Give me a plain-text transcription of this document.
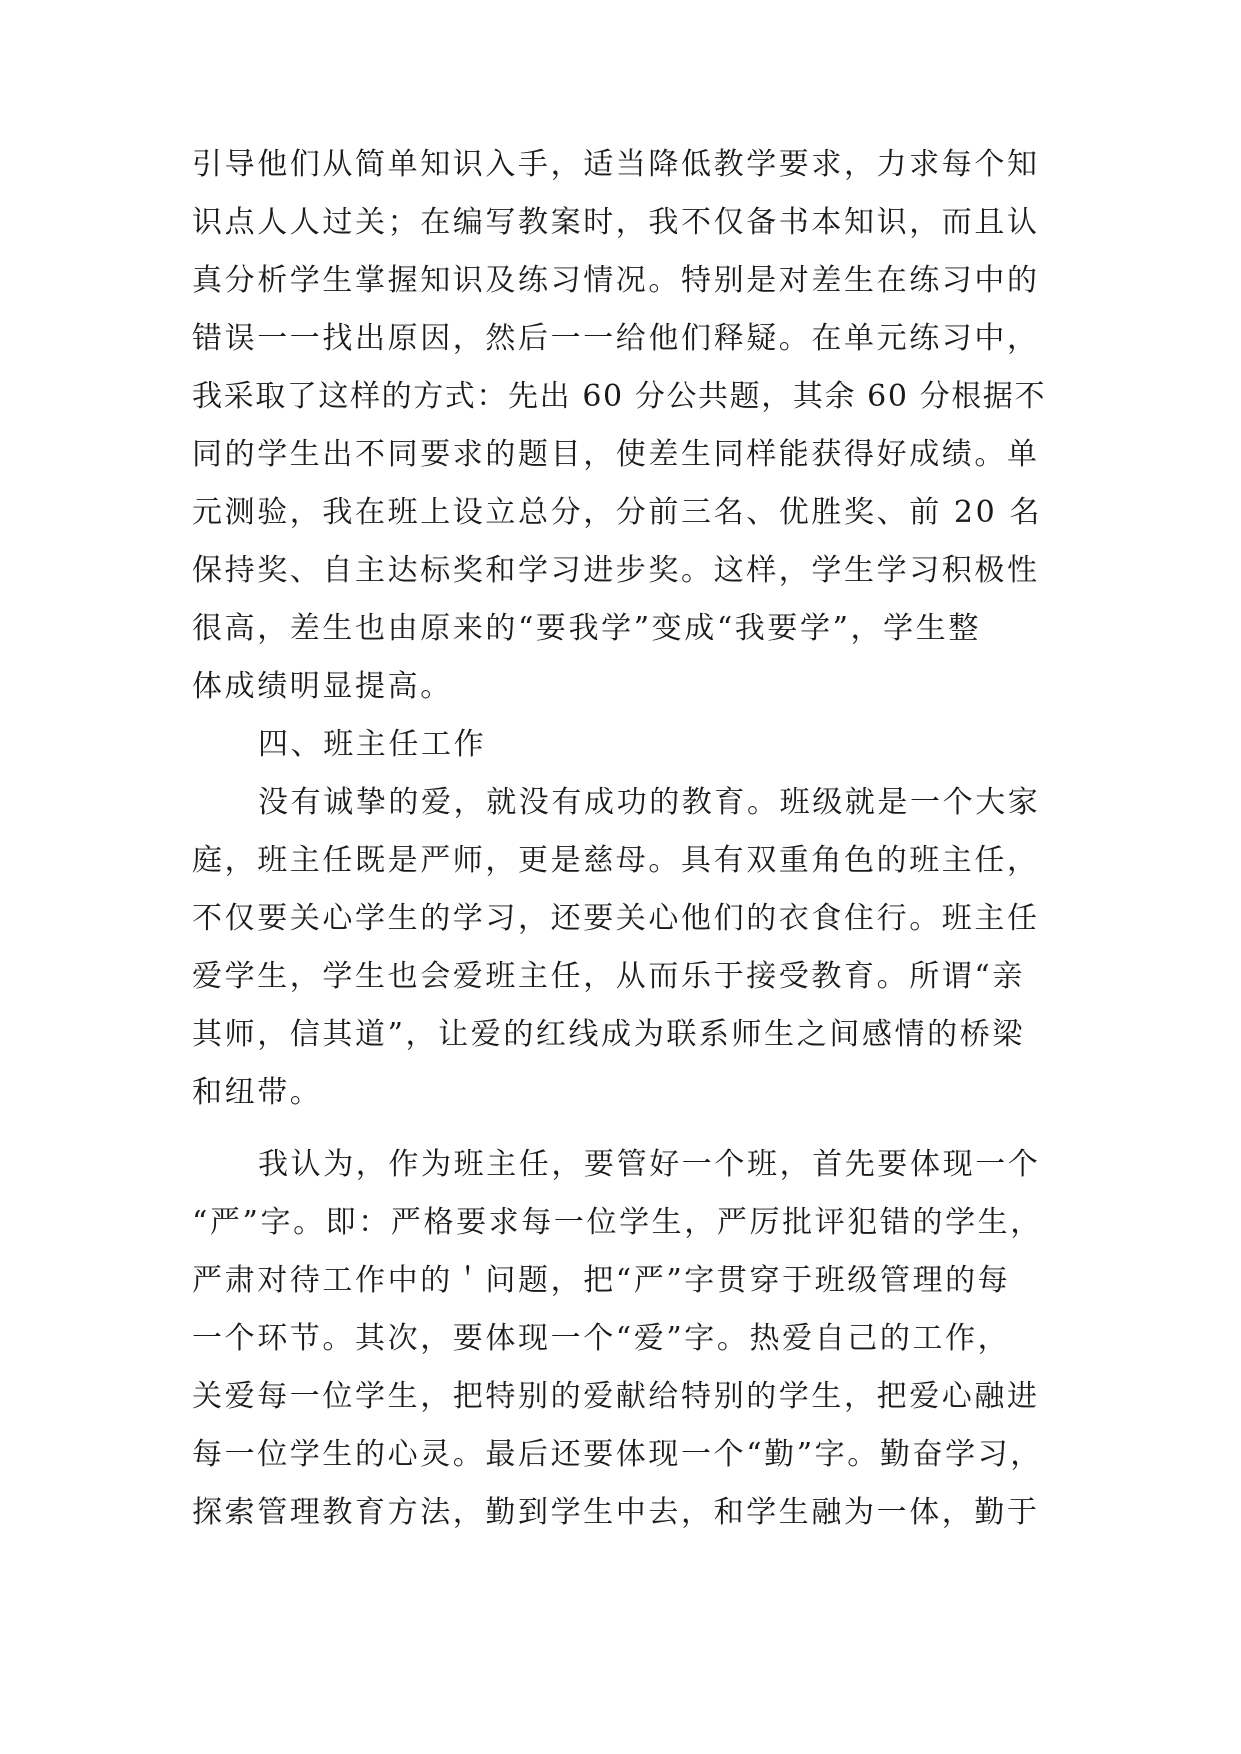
引导他们从简单知识入手，适当降低教学要求，力求每个知

识点人人过关；在编写教案时，我不仅备书本知识，而且认

真分析学生掌握知识及练习情况。特别是对差生在练习中的

错误一一找出原因，然后一一给他们释疑。在单元练习中，

我采取了这样的方式：先出 60 分公共题，其余 60 分根据不

同的学生出不同要求的题目，使差生同样能获得好成绩。单

元测验，我在班上设立总分，分前三名、优胜奖、前 20 名

保持奖、自主达标奖和学习进步奖。这样，学生学习积极性

很高，差生也由原来的“要我学”变成“我要学”，学生整

体成绩明显提高。

四、班主任工作

没有诚挚的爱，就没有成功的教育。班级就是一个大家

庭，班主任既是严师，更是慈母。具有双重角色的班主任，

不仅要关心学生的学习，还要关心他们的衣食住行。班主任

爱学生，学生也会爱班主任，从而乐于接受教育。所谓“亲

其师，信其道”，让爱的红线成为联系师生之间感情的桥梁

和纽带。

我认为，作为班主任，要管好一个班，首先要体现一个

“严”字。即：严格要求每一位学生，严厉批评犯错的学生，

严肃对待工作中的＇问题，把“严”字贯穿于班级管理的每

一个环节。其次，要体现一个“爱”字。热爱自己的工作，

关爱每一位学生，把特别的爱献给特别的学生，把爱心融进

每一位学生的心灵。最后还要体现一个“勤”字。勤奋学习，

探索管理教育方法，勤到学生中去，和学生融为一体，勤于
